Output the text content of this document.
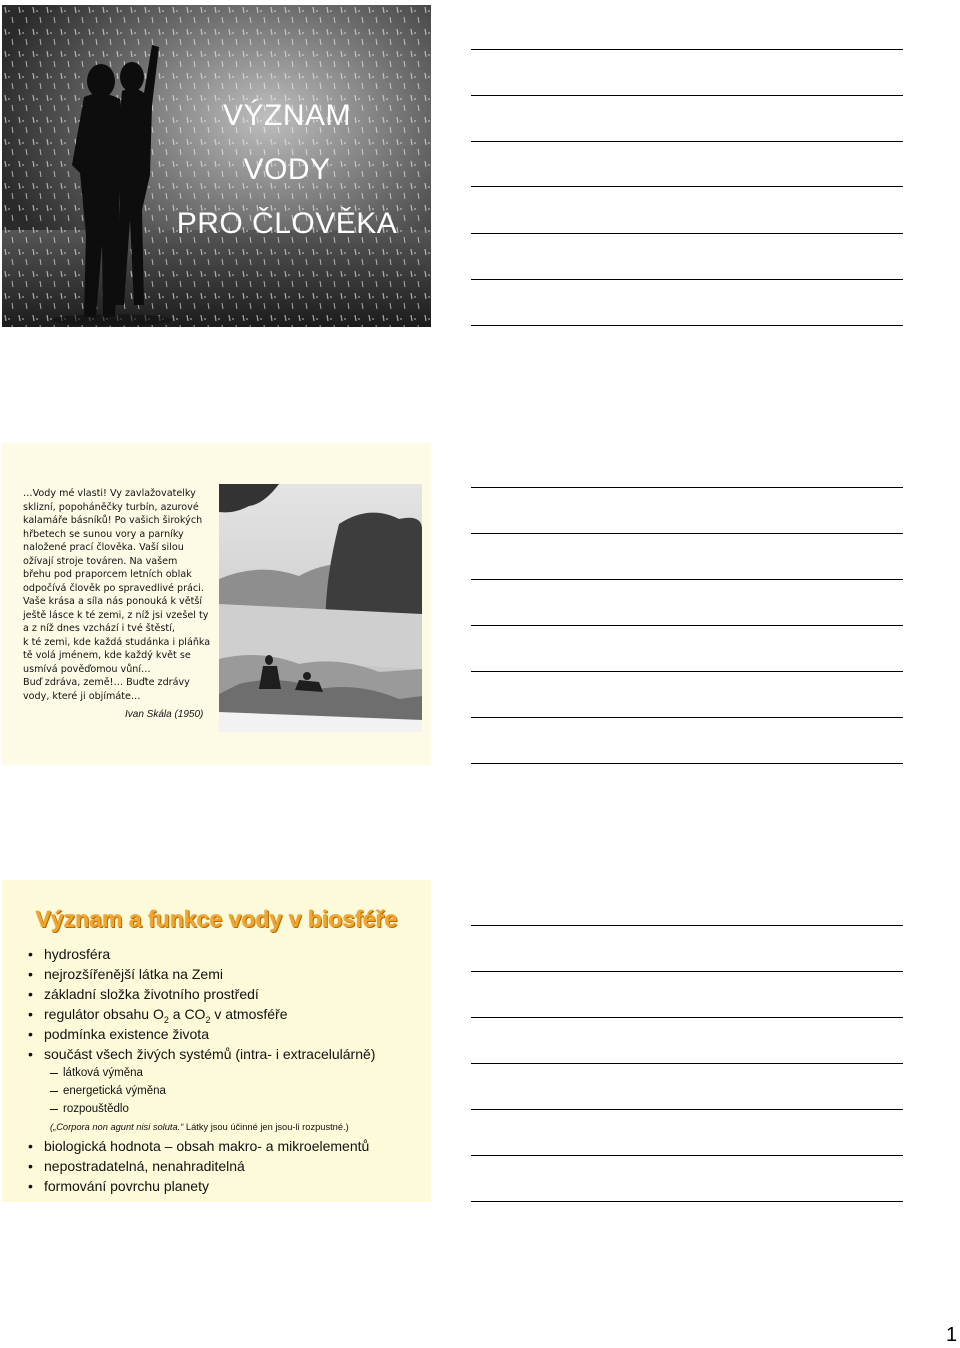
VÝZNAM
VODY
PRO ČLOVĚKA
…Vody mé vlasti! Vy zavlažovatelky
sklizní, popoháněčky turbín, azurové
kalamáře básníků! Po vašich širokých
hřbetech se sunou vory a parníky
naložené prací člověka. Vaší silou
ožívají stroje továren. Na vašem
břehu pod praporcem letních oblak
odpočívá člověk po spravedlivé práci.
Vaše krása a síla nás ponouká k větší
ještě lásce k té zemi, z níž jsi vzešel ty
a z níž dnes vzchází i tvé štěstí,
k té zemi, kde každá studánka i pláňka
tě volá jménem, kde každý květ se
usmívá pověďomou vůní…
Buď zdráva, země!… Buďte zdrávy
vody, které ji objímáte…
Ivan Skála (1950)
Význam a funkce vody v biosféře
• hydrosféra
• nejrozšířenější látka na Zemi
• základní složka životního prostředí
• regulátor obsahu $O_2$ a $CO_2$ v atmosféře
• podmínka existence života
• součást všech živých systémů (intra- i extracelulárně)
látková výměna
energetická výměna
rozpouštědlo
(„Corpora non agunt nisi soluta.“ Látky jsou účinné jen jsou-li rozpustné.)
• biologická hodnota – obsah makro- a mikroelementů
• nepostradatelná, nenahraditelná
• formování povrchu planety
1
